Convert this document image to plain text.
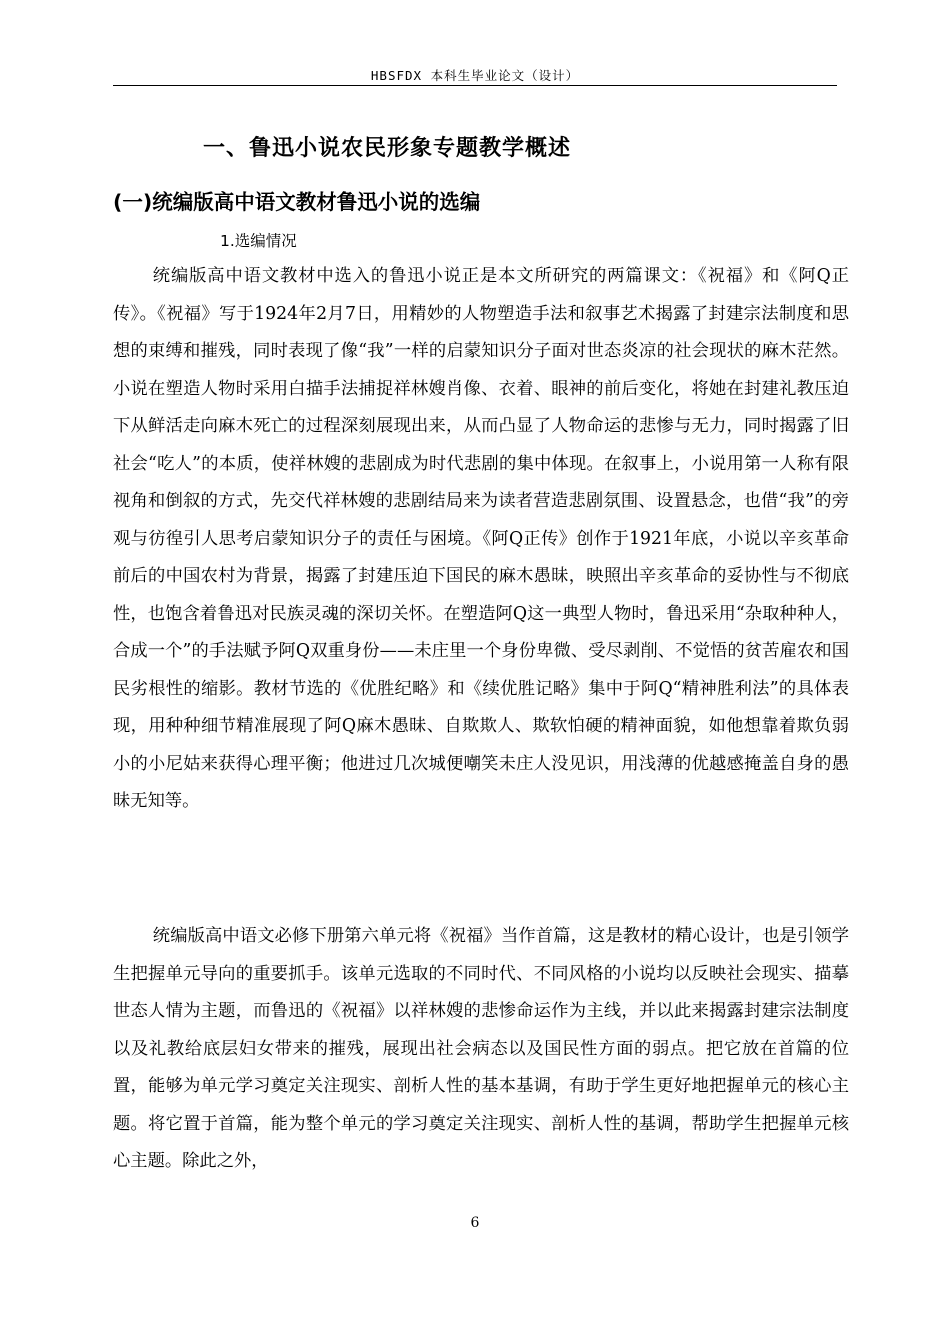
HBSFDX 本科生毕业论文（设计）
一、鲁迅小说农民形象专题教学概述
(一)统编版高中语文教材鲁迅小说的选编
1.选编情况

统编版高中语文教材中选入的鲁迅小说正是本文所研究的两篇课文：《祝福》和《阿Q正传》。《祝福》写于1924年2月7日，用精妙的人物塑造手法和叙事艺术揭露了封建宗法制度和思想的束缚和摧残，同时表现了像“我”一样的启蒙知识分子面对世态炎凉的社会现状的麻木茫然。小说在塑造人物时采用白描手法捕捉祥林嫂肖像、衣着、眼神的前后变化，将她在封建礼教压迫下从鲜活走向麻木死亡的过程深刻展现出来，从而凸显了人物命运的悲惨与无力，同时揭露了旧社会“吃人”的本质，使祥林嫂的悲剧成为时代悲剧的集中体现。在叙事上，小说用第一人称有限视角和倒叙的方式，先交代祥林嫂的悲剧结局来为读者营造悲剧氛围、设置悬念，也借“我”的旁观与彷徨引人思考启蒙知识分子的责任与困境。《阿Q正传》创作于1921年底，小说以辛亥革命前后的中国农村为背景，揭露了封建压迫下国民的麻木愚昧，映照出辛亥革命的妥协性与不彻底性，也饱含着鲁迅对民族灵魂的深切关怀。在塑造阿Q这一典型人物时，鲁迅采用“杂取种种人，合成一个”的手法赋予阿Q双重身份——未庄里一个身份卑微、受尽剥削、不觉悟的贫苦雇农和国民劣根性的缩影。教材节选的《优胜纪略》和《续优胜记略》集中于阿Q“精神胜利法”的具体表现，用种种细节精准展现了阿Q麻木愚昧、自欺欺人、欺软怕硬的精神面貌，如他想靠着欺负弱小的小尼姑来获得心理平衡；他进过几次城便嘲笑未庄人没见识，用浅薄的优越感掩盖自身的愚昧无知等。

统编版高中语文必修下册第六单元将《祝福》当作首篇，这是教材的精心设计，也是引领学生把握单元导向的重要抓手。该单元选取的不同时代、不同风格的小说均以反映社会现实、描摹世态人情为主题，而鲁迅的《祝福》以祥林嫂的悲惨命运作为主线，并以此来揭露封建宗法制度以及礼教给底层妇女带来的摧残，展现出社会病态以及国民性方面的弱点。把它放在首篇的位置，能够为单元学习奠定关注现实、剖析人性的基本基调，有助于学生更好地把握单元的核心主题。将它置于首篇，能为整个单元的学习奠定关注现实、剖析人性的基调，帮助学生把握单元核心主题。除此之外，

6
